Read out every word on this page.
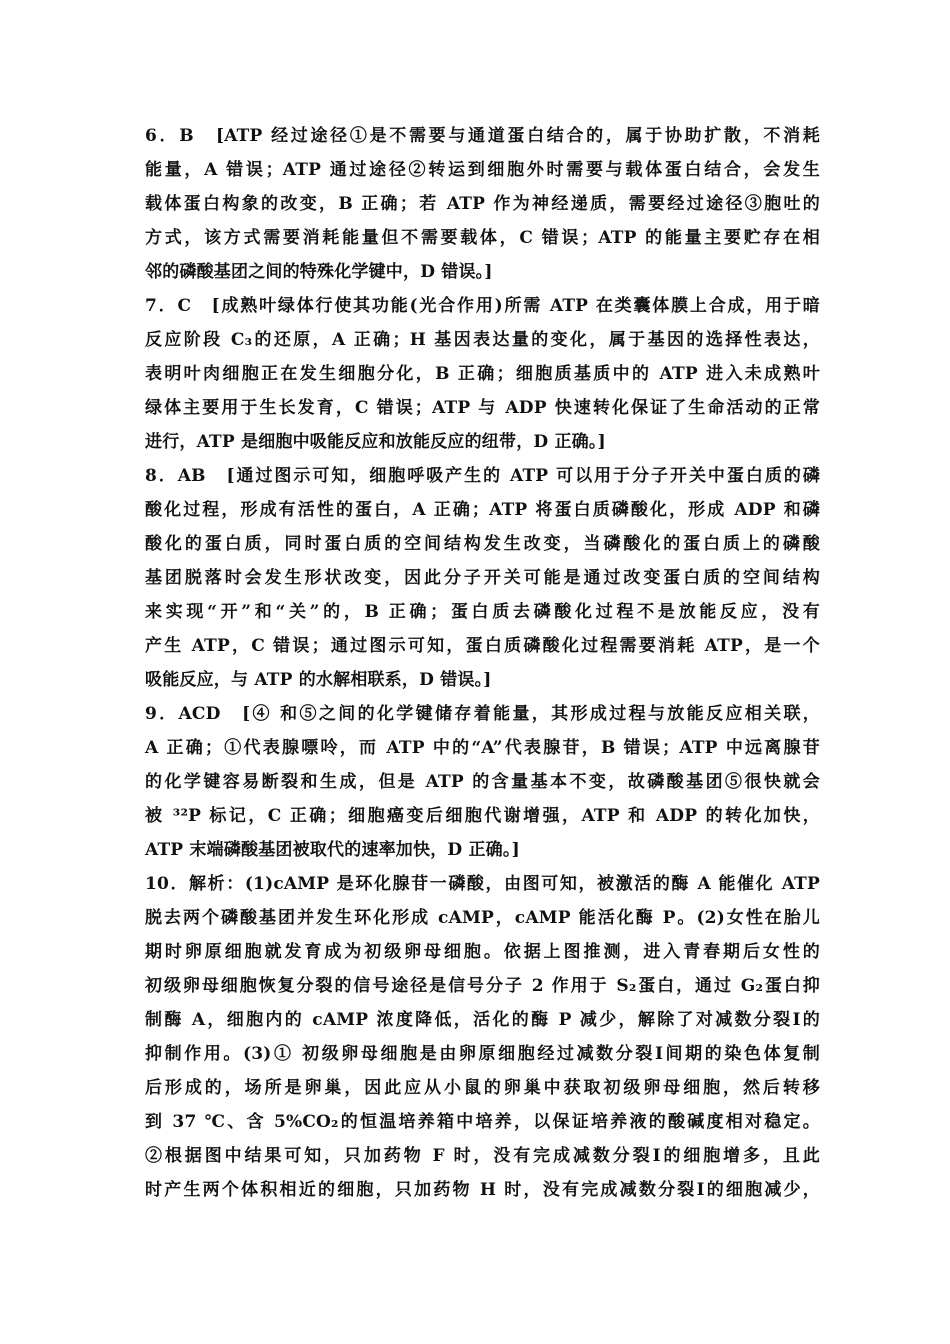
6．B　[ATP 经过途径①是不需要与通道蛋白结合的，属于协助扩散，不消耗
能量，A 错误；ATP 通过途径②转运到细胞外时需要与载体蛋白结合，会发生
载体蛋白构象的改变，B 正确；若 ATP 作为神经递质，需要经过途径③胞吐的
方式，该方式需要消耗能量但不需要载体，C 错误；ATP 的能量主要贮存在相
邻的磷酸基团之间的特殊化学键中，D 错误。]
7．C　[成熟叶绿体行使其功能(光合作用)所需 ATP 在类囊体膜上合成，用于暗
反应阶段 C₃的还原，A 正确；H 基因表达量的变化，属于基因的选择性表达，
表明叶肉细胞正在发生细胞分化，B 正确；细胞质基质中的 ATP 进入未成熟叶
绿体主要用于生长发育，C 错误；ATP 与 ADP 快速转化保证了生命活动的正常
进行，ATP 是细胞中吸能反应和放能反应的纽带，D 正确。]
8．AB　[通过图示可知，细胞呼吸产生的 ATP 可以用于分子开关中蛋白质的磷
酸化过程，形成有活性的蛋白，A 正确；ATP 将蛋白质磷酸化，形成 ADP 和磷
酸化的蛋白质，同时蛋白质的空间结构发生改变，当磷酸化的蛋白质上的磷酸
基团脱落时会发生形状改变，因此分子开关可能是通过改变蛋白质的空间结构
来实现“开”和“关”的，B 正确；蛋白质去磷酸化过程不是放能反应，没有
产生 ATP，C 错误；通过图示可知，蛋白质磷酸化过程需要消耗 ATP，是一个
吸能反应，与 ATP 的水解相联系，D 错误。]
9．ACD　[④ 和⑤之间的化学键储存着能量，其形成过程与放能反应相关联，
A 正确；①代表腺嘌呤，而 ATP 中的“A”代表腺苷，B 错误；ATP 中远离腺苷
的化学键容易断裂和生成，但是 ATP 的含量基本不变，故磷酸基团⑤很快就会
被 ³²P 标记，C 正确；细胞癌变后细胞代谢增强，ATP 和 ADP 的转化加快，
ATP 末端磷酸基团被取代的速率加快，D 正确。]
10．解析：(1)cAMP 是环化腺苷一磷酸，由图可知，被激活的酶 A 能催化 ATP
脱去两个磷酸基团并发生环化形成 cAMP，cAMP 能活化酶 P。(2)女性在胎儿
期时卵原细胞就发育成为初级卵母细胞。依据上图推测，进入青春期后女性的
初级卵母细胞恢复分裂的信号途径是信号分子 2 作用于 S₂蛋白，通过 G₂蛋白抑
制酶 A，细胞内的 cAMP 浓度降低，活化的酶 P 减少，解除了对减数分裂Ⅰ的
抑制作用。(3)① 初级卵母细胞是由卵原细胞经过减数分裂Ⅰ间期的染色体复制
后形成的，场所是卵巢，因此应从小鼠的卵巢中获取初级卵母细胞，然后转移
到 37 ℃、含 5%CO₂的恒温培养箱中培养，以保证培养液的酸碱度相对稳定。
②根据图中结果可知，只加药物 F 时，没有完成减数分裂Ⅰ的细胞增多，且此
时产生两个体积相近的细胞，只加药物 H 时，没有完成减数分裂Ⅰ的细胞减少，
